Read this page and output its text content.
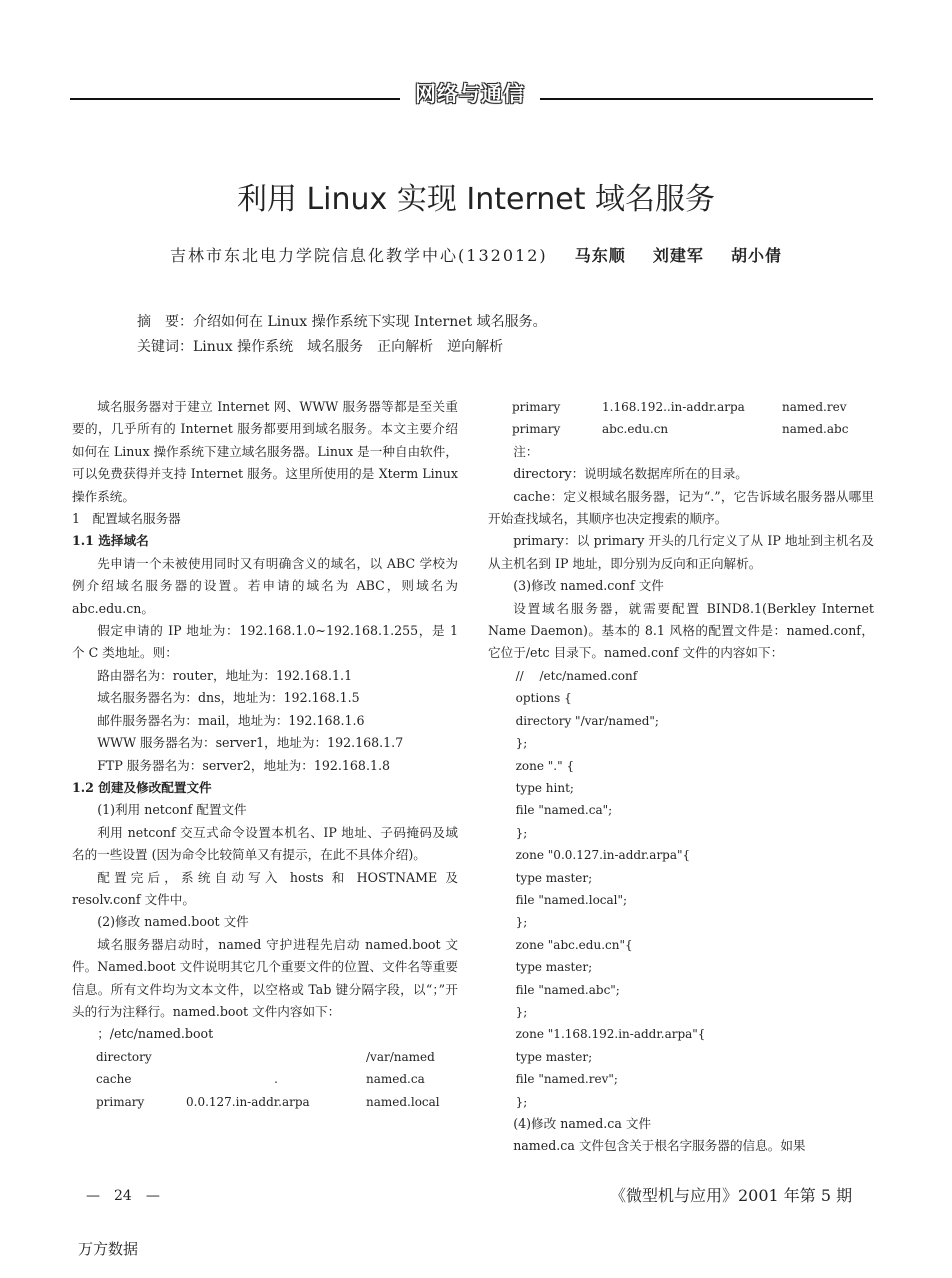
网络与通信
利用 Linux 实现 Internet 域名服务
吉林市东北电力学院信息化教学中心(132012) 马东顺 刘建军 胡小倩
摘　要：介绍如何在 Linux 操作系统下实现 Internet 域名服务。
关键词：Linux 操作系统　域名服务　正向解析　逆向解析

域名服务器对于建立 Internet 网、WWW 服务器等都是至关重要的，几乎所有的 Internet 服务都要用到域名服务。本文主要介绍如何在 Linux 操作系统下建立域名服务器。Linux 是一种自由软件，可以免费获得并支持 Internet 服务。这里所使用的是 Xterm Linux 操作系统。

1　配置域名服务器

1.1 选择域名

先申请一个未被使用同时又有明确含义的域名，以 ABC 学校为例介绍域名服务器的设置。若申请的域名为 ABC，则域名为 abc.edu.cn。

假定申请的 IP 地址为：192.168.1.0~192.168.1.255，是 1 个 C 类地址。则：

路由器名为：router，地址为：192.168.1.1

域名服务器名为：dns，地址为：192.168.1.5

邮件服务器名为：mail，地址为：192.168.1.6

WWW 服务器名为：server1，地址为：192.168.1.7

FTP 服务器名为：server2，地址为：192.168.1.8

1.2 创建及修改配置文件

(1)利用 netconf 配置文件

利用 netconf 交互式命令设置本机名、IP 地址、子码掩码及域名的一些设置 (因为命令比较简单又有提示，在此不具体介绍)。

配置完后，系统自动写入 hosts 和 HOSTNAME 及 resolv.conf 文件中。

(2)修改 named.boot 文件

域名服务器启动时，named 守护进程先启动 named.boot 文件。Named.boot 文件说明其它几个重要文件的位置、文件名等重要信息。所有文件均为文本文件，以空格或 Tab 键分隔字段，以“；”开头的行为注释行。named.boot 文件内容如下：

；/etc/named.boot

directory	/var/named
cache	.	named.ca
primary	0.0.127.in-addr.arpa	named.local
primary	1.168.192..in-addr.arpa	named.rev
primary	abc.edu.cn	named.abc

注：

directory：说明域名数据库所在的目录。

cache：定义根域名服务器，记为“.”，它告诉域名服务器从哪里开始查找域名，其顺序也决定搜索的顺序。

primary：以 primary 开头的几行定义了从 IP 地址到主机名及从主机名到 IP 地址，即分别为反向和正向解析。

(3)修改 named.conf 文件

设置域名服务器，就需要配置 BIND8.1(Berkley Internet Name Daemon)。基本的 8.1 风格的配置文件是：named.conf，它位于/etc 目录下。named.conf 文件的内容如下：

//　 /etc/named.conf

options {

directory "/var/named";

};

zone "." {

type hint;

file "named.ca";

};

zone "0.0.127.in-addr.arpa"{

type master;

file "named.local";

};

zone "abc.edu.cn"{

type master;

file "named.abc";

};

zone "1.168.192.in-addr.arpa"{

type master;

file "named.rev";

};

(4)修改 named.ca 文件

named.ca 文件包含关于根名字服务器的信息。如果

—　24　—	《微型机与应用》2001 年第 5 期
万方数据
